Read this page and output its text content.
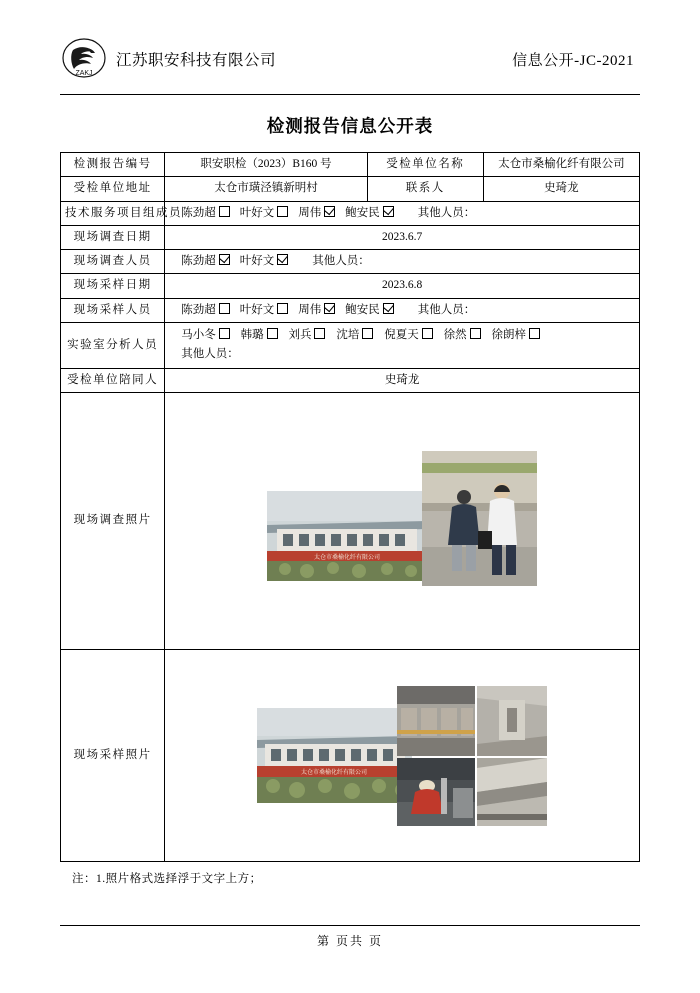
ZAKJ
江苏职安科技有限公司	信息公开-JC-2021
检测报告信息公开表
检测报告编号	职安职检（2023）B160 号	受检单位名称	太仓市桑榆化纤有限公司
受检单位地址	太仓市璜泾镇新明村	联系人	史琦龙
技术服务项目组成员	陈劲超 叶好文 周伟 鲍安民 其他人员：		

现场调查日期	2023.6.7		
现场调查人员	陈劲超 叶好文 其他人员：		

现场采样日期	2023.6.8		
现场采样人员	陈劲超 叶好文 周伟 鲍安民 其他人员：		

实验室分析人员	马小冬 韩璐 刘兵 沈培 倪夏天 徐然 徐朗梓
其他人员：		

受检单位陪同人	史琦龙		
现场调查照片	太仓市桑榆化纤有限公司		

现场采样照片	太仓市桑榆化纤有限公司		
注：1.照片格式选择浮于文字上方；
第 页共 页
